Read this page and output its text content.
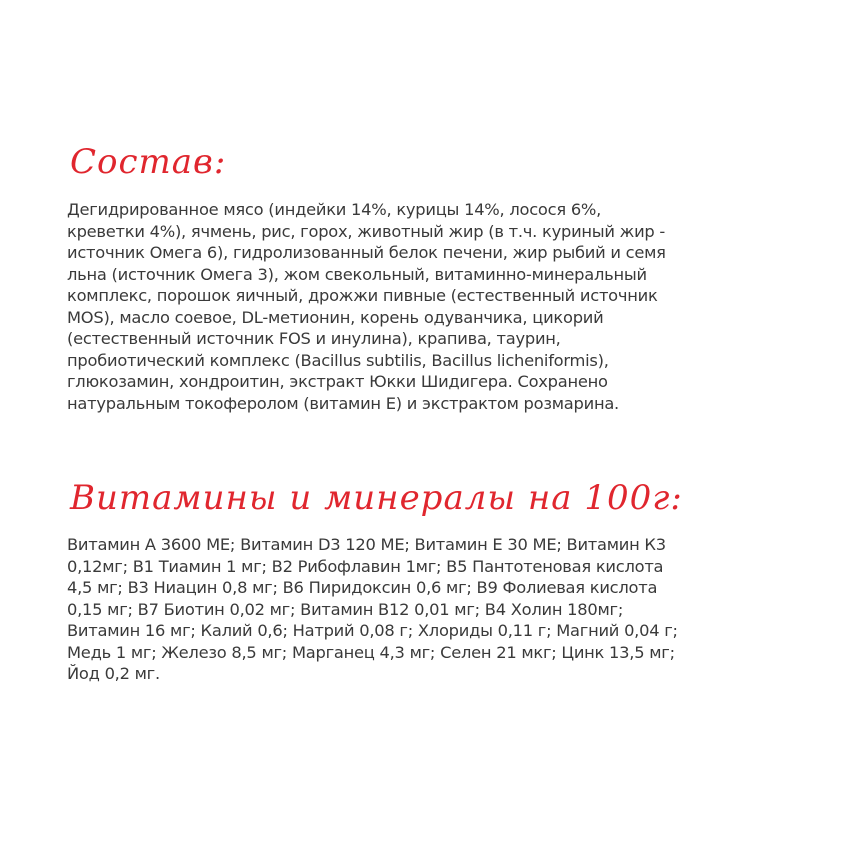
Состав:
Дегидрированное мясо (индейки 14%, курицы 14%, лосося 6%,
креветки 4%), ячмень, рис, горох, животный жир (в т.ч. куриный жир -
источник Омега 6), гидролизованный белок печени, жир рыбий и семя
льна (источник Омега 3), жом свекольный, витаминно-минеральный
комплекс, порошок яичный, дрожжи пивные (естественный источник
MOS), масло соевое, DL-метионин, корень одуванчика, цикорий
(естественный источник FOS и инулина), крапива, таурин,
пробиотический комплекс (Bacillus subtilis, Bacillus licheniformis),
глюкозамин, хондроитин, экстракт Юкки Шидигера. Сохранено
натуральным токоферолом (витамин Е) и экстрактом розмарина.
Витамины и минералы на 100г:
Витамин А 3600 МЕ; Витамин D3 120 МЕ; Витамин Е 30 МЕ; Витамин К3
0,12мг; В1 Тиамин 1 мг; В2 Рибофлавин 1мг; В5 Пантотеновая кислота
4,5 мг; В3 Ниацин 0,8 мг; В6 Пиридоксин 0,6 мг; В9 Фолиевая кислота
0,15 мг; В7 Биотин 0,02 мг; Витамин В12 0,01 мг; В4 Холин 180мг;
Витамин 16 мг; Калий 0,6; Натрий 0,08 г; Хлориды 0,11 г; Магний 0,04 г;
Медь 1 мг; Железо 8,5 мг; Марганец 4,3 мг; Селен 21 мкг; Цинк 13,5 мг;
Йод 0,2 мг.
